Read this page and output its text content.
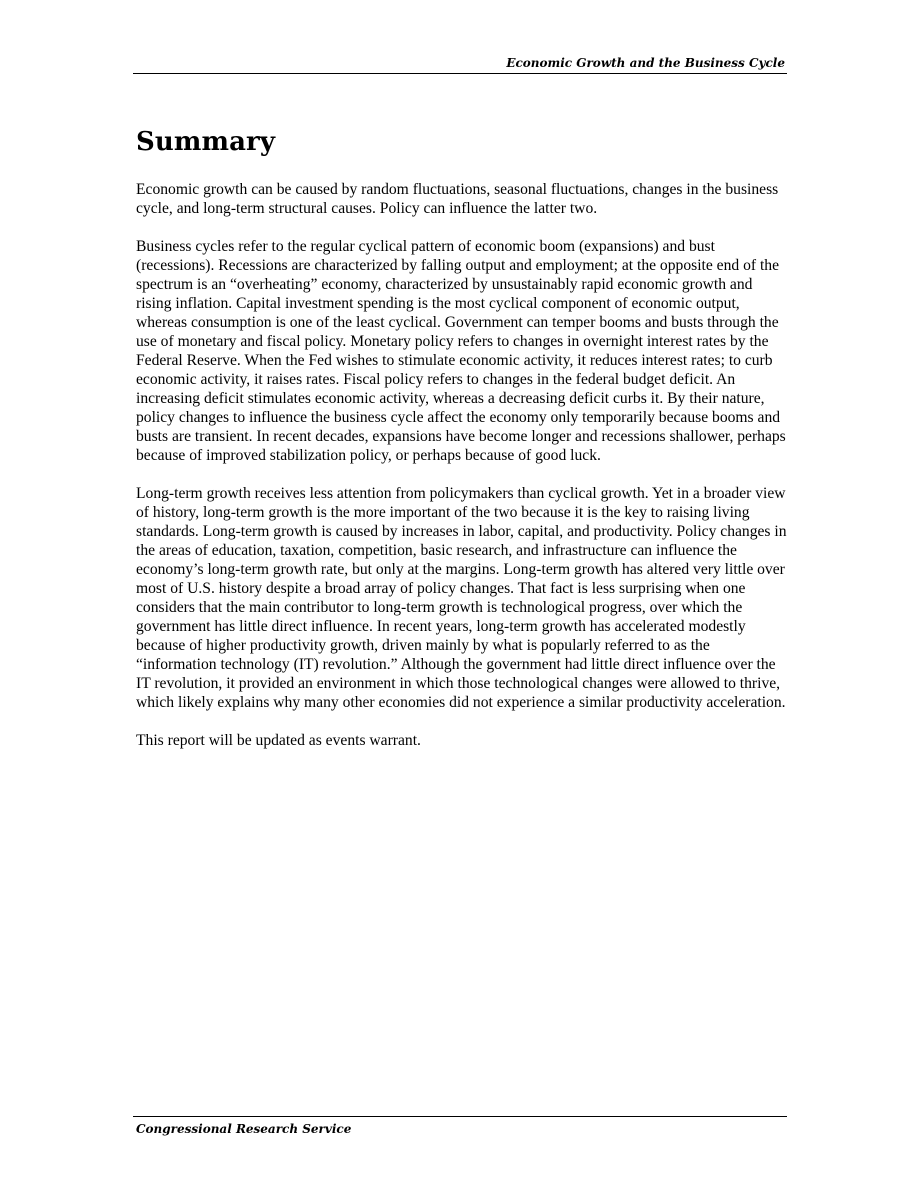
Economic Growth and the Business Cycle
Summary

Economic growth can be caused by random fluctuations, seasonal fluctuations, changes in the business cycle, and long-term structural causes. Policy can influence the latter two.

Business cycles refer to the regular cyclical pattern of economic boom (expansions) and bust (recessions). Recessions are characterized by falling output and employment; at the opposite end of the spectrum is an “overheating” economy, characterized by unsustainably rapid economic growth and rising inflation. Capital investment spending is the most cyclical component of economic output, whereas consumption is one of the least cyclical. Government can temper booms and busts through the use of monetary and fiscal policy. Monetary policy refers to changes in overnight interest rates by the Federal Reserve. When the Fed wishes to stimulate economic activity, it reduces interest rates; to curb economic activity, it raises rates. Fiscal policy refers to changes in the federal budget deficit. An increasing deficit stimulates economic activity, whereas a decreasing deficit curbs it. By their nature, policy changes to influence the business cycle affect the economy only temporarily because booms and busts are transient. In recent decades, expansions have become longer and recessions shallower, perhaps because of improved stabilization policy, or perhaps because of good luck.

Long-term growth receives less attention from policymakers than cyclical growth. Yet in a broader view of history, long-term growth is the more important of the two because it is the key to raising living standards. Long-term growth is caused by increases in labor, capital, and productivity. Policy changes in the areas of education, taxation, competition, basic research, and infrastructure can influence the economy’s long-term growth rate, but only at the margins. Long-term growth has altered very little over most of U.S. history despite a broad array of policy changes. That fact is less surprising when one considers that the main contributor to long-term growth is technological progress, over which the government has little direct influence. In recent years, long-term growth has accelerated modestly because of higher productivity growth, driven mainly by what is popularly referred to as the “information technology (IT) revolution.” Although the government had little direct influence over the IT revolution, it provided an environment in which those technological changes were allowed to thrive, which likely explains why many other economies did not experience a similar productivity acceleration.

This report will be updated as events warrant.

Congressional Research Service
